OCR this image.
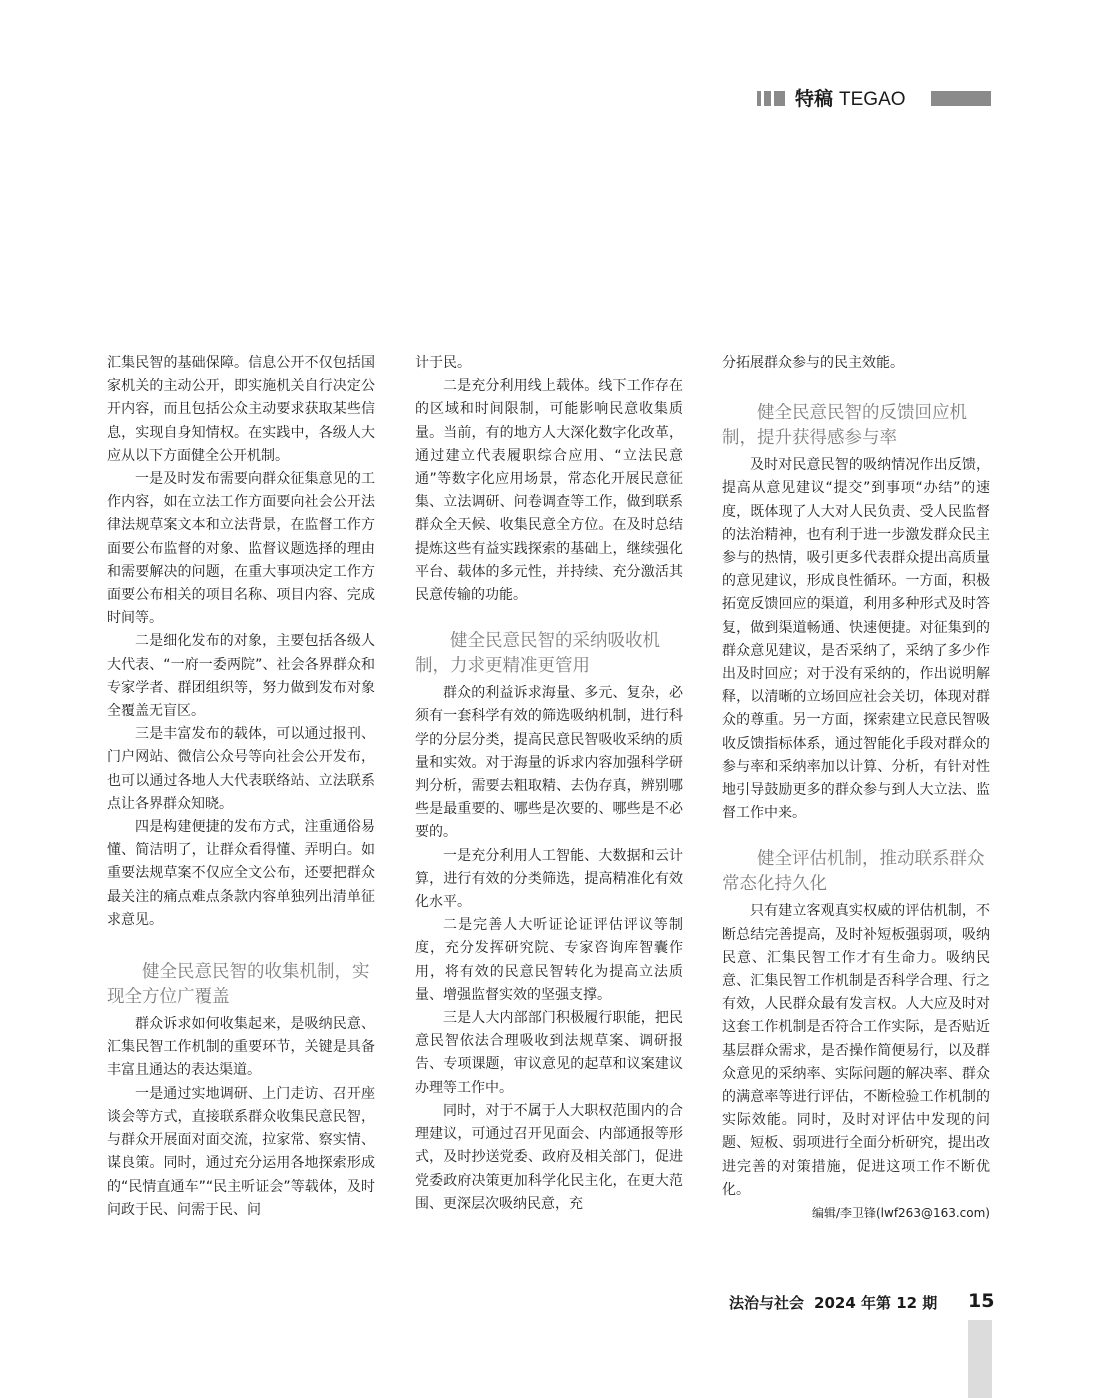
特稿 TEGAO

汇集民智的基础保障。信息公开不仅包括国家机关的主动公开，即实施机关自行决定公开内容，而且包括公众主动要求获取某些信息，实现自身知情权。在实践中，各级人大应从以下方面健全公开机制。

一是及时发布需要向群众征集意见的工作内容，如在立法工作方面要向社会公开法律法规草案文本和立法背景，在监督工作方面要公布监督的对象、监督议题选择的理由和需要解决的问题，在重大事项决定工作方面要公布相关的项目名称、项目内容、完成时间等。

二是细化发布的对象，主要包括各级人大代表、“一府一委两院”、社会各界群众和专家学者、群团组织等，努力做到发布对象全覆盖无盲区。

三是丰富发布的载体，可以通过报刊、门户网站、微信公众号等向社会公开发布，也可以通过各地人大代表联络站、立法联系点让各界群众知晓。

四是构建便捷的发布方式，注重通俗易懂、简洁明了，让群众看得懂、弄明白。如重要法规草案不仅应全文公布，还要把群众最关注的痛点难点条款内容单独列出清单征求意见。

健全民意民智的收集机制，实现全方位广覆盖

群众诉求如何收集起来，是吸纳民意、汇集民智工作机制的重要环节，关键是具备丰富且通达的表达渠道。

一是通过实地调研、上门走访、召开座谈会等方式，直接联系群众收集民意民智，与群众开展面对面交流，拉家常、察实情、谋良策。同时，通过充分运用各地探索形成的“民情直通车”“民主听证会”等载体，及时问政于民、问需于民、问

计于民。

二是充分利用线上载体。线下工作存在的区域和时间限制，可能影响民意收集质量。当前，有的地方人大深化数字化改革，通过建立代表履职综合应用、“立法民意通”等数字化应用场景，常态化开展民意征集、立法调研、问卷调查等工作，做到联系群众全天候、收集民意全方位。在及时总结提炼这些有益实践探索的基础上，继续强化平台、载体的多元性，并持续、充分激活其民意传输的功能。

健全民意民智的采纳吸收机制，力求更精准更管用

群众的利益诉求海量、多元、复杂，必须有一套科学有效的筛选吸纳机制，进行科学的分层分类，提高民意民智吸收采纳的质量和实效。对于海量的诉求内容加强科学研判分析，需要去粗取精、去伪存真，辨别哪些是最重要的、哪些是次要的、哪些是不必要的。

一是充分利用人工智能、大数据和云计算，进行有效的分类筛选，提高精准化有效化水平。

二是完善人大听证论证评估评议等制度，充分发挥研究院、专家咨询库智囊作用，将有效的民意民智转化为提高立法质量、增强监督实效的坚强支撑。

三是人大内部部门积极履行职能，把民意民智依法合理吸收到法规草案、调研报告、专项课题，审议意见的起草和议案建议办理等工作中。

同时，对于不属于人大职权范围内的合理建议，可通过召开见面会、内部通报等形式，及时抄送党委、政府及相关部门，促进党委政府决策更加科学化民主化，在更大范围、更深层次吸纳民意，充

分拓展群众参与的民主效能。

健全民意民智的反馈回应机制，提升获得感参与率

及时对民意民智的吸纳情况作出反馈，提高从意见建议“提交”到事项“办结”的速度，既体现了人大对人民负责、受人民监督的法治精神，也有利于进一步激发群众民主参与的热情，吸引更多代表群众提出高质量的意见建议，形成良性循环。一方面，积极拓宽反馈回应的渠道，利用多种形式及时答复，做到渠道畅通、快速便捷。对征集到的群众意见建议，是否采纳了，采纳了多少作出及时回应；对于没有采纳的，作出说明解释，以清晰的立场回应社会关切，体现对群众的尊重。另一方面，探索建立民意民智吸收反馈指标体系，通过智能化手段对群众的参与率和采纳率加以计算、分析，有针对性地引导鼓励更多的群众参与到人大立法、监督工作中来。

健全评估机制，推动联系群众常态化持久化

只有建立客观真实权威的评估机制，不断总结完善提高，及时补短板强弱项，吸纳民意、汇集民智工作才有生命力。吸纳民意、汇集民智工作机制是否科学合理、行之有效，人民群众最有发言权。人大应及时对这套工作机制是否符合工作实际，是否贴近基层群众需求，是否操作简便易行，以及群众意见的采纳率、实际问题的解决率、群众的满意率等进行评估，不断检验工作机制的实际效能。同时，及时对评估中发现的问题、短板、弱项进行全面分析研究，提出改进完善的对策措施，促进这项工作不断优化。

编辑/李卫锋(lwf263@163.com)
法治与社会 2024 年第 12 期 15
